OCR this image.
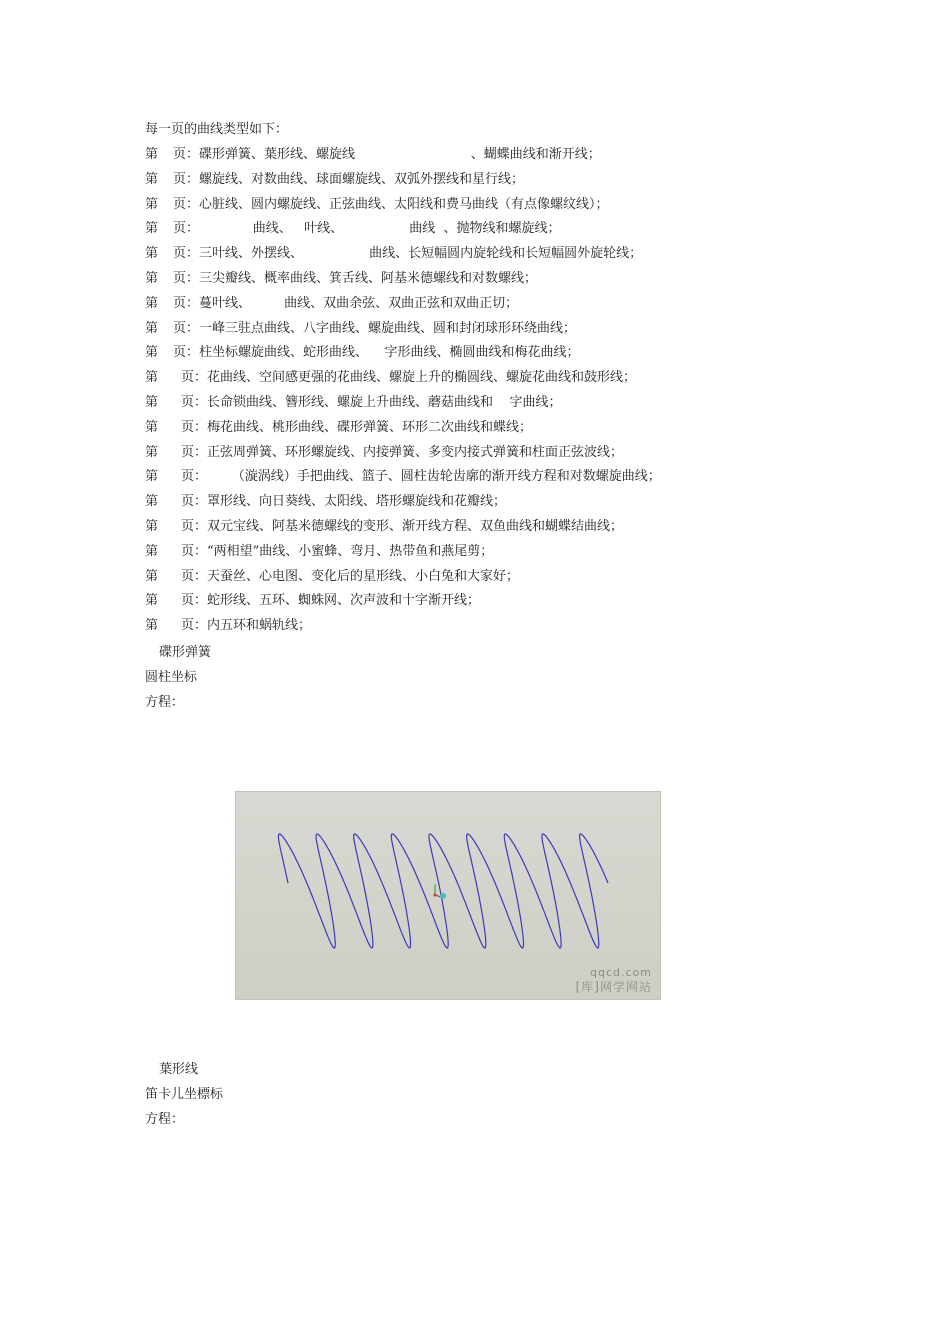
每一页的曲线类型如下：
第 页：碟形弹簧、葉形线、螺旋线                            、蝴蝶曲线和渐开线；
第 页：螺旋线、对数曲线、球面螺旋线、双弧外摆线和星行线；
第 页：心脏线、圆内螺旋线、正弦曲线、太阳线和费马曲线（有点像螺纹线）；
第 页：             曲线、   叶线、                曲线  、抛物线和螺旋线；
第 页：三叶线、外摆线、                曲线、长短幅圆内旋轮线和长短幅圆外旋轮线；
第 页：三尖瓣线、概率曲线、箕舌线、阿基米德螺线和对数螺线；
第 页：蔓叶线、        曲线、双曲余弦、双曲正弦和双曲正切；
第 页：一峰三驻点曲线、八字曲线、螺旋曲线、圆和封闭球形环绕曲线；
第 页：柱坐标螺旋曲线、蛇形曲线、    字形曲线、椭圆曲线和梅花曲线；
第 页：花曲线、空间感更强的花曲线、螺旋上升的椭圆线、螺旋花曲线和鼓形线；
第 页：长命锁曲线、簪形线、螺旋上升曲线、蘑菇曲线和    字曲线；
第 页：梅花曲线、桃形曲线、碟形弹簧、环形二次曲线和蝶线；
第 页：正弦周弹簧、环形螺旋线、内接弹簧、多变内接式弹簧和柱面正弦波线；
第 页：      （漩涡线）手把曲线、篮子、圆柱齿轮齿廓的渐开线方程和对数螺旋曲线；
第 页：罩形线、向日葵线、太阳线、塔形螺旋线和花瓣线；
第 页：双元宝线、阿基米德螺线的变形、渐开线方程、双鱼曲线和蝴蝶结曲线；
第 页：“两相望”曲线、小蜜蜂、弯月、热带鱼和燕尾剪；
第 页：天蚕丝、心电图、变化后的星形线、小白兔和大家好；
第 页：蛇形线、五环、蜘蛛网、次声波和十字渐开线；
第 页：内五环和蜗轨线；
碟形弹簧
圆柱坐标
方程：
qqcd.com
[库]网学网站
葉形线
笛卡儿坐標标
方程：
